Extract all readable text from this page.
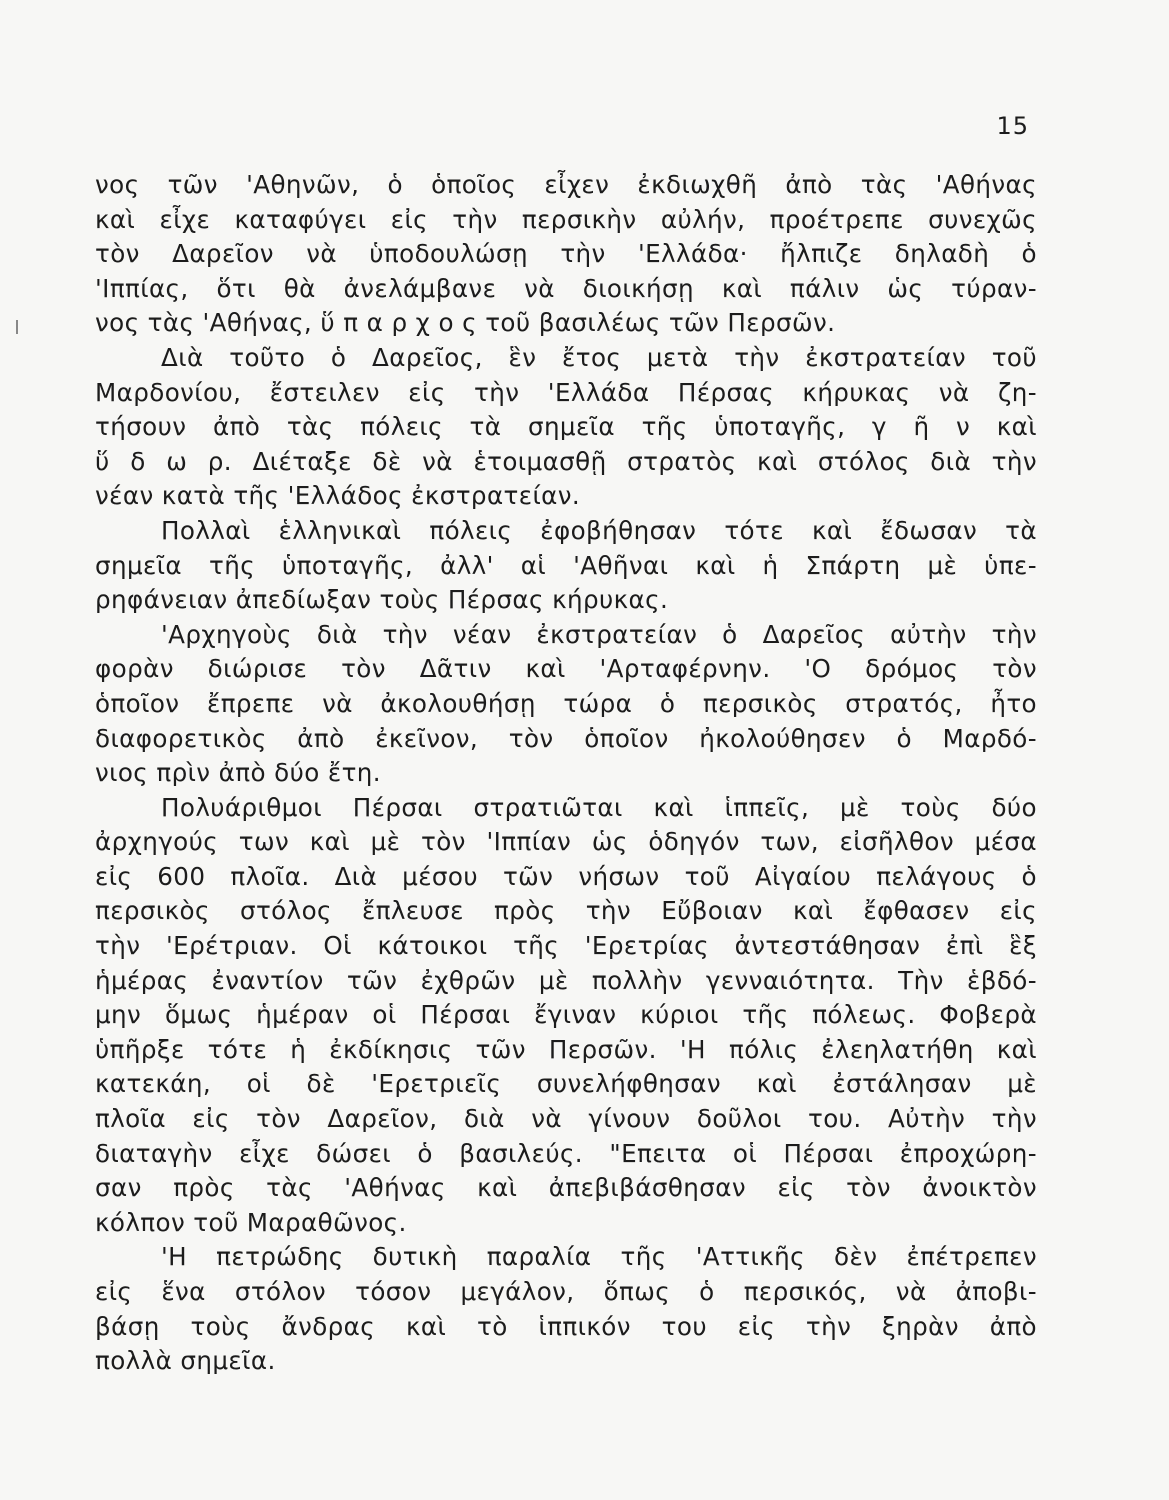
15
νος τῶν 'Αθηνῶν, ὁ ὁποῖος εἶχεν ἐκδιωχθῆ ἀπὸ τὰς 'Αθήνας
καὶ εἶχε καταφύγει εἰς τὴν περσικὴν αὐλήν, προέτρεπε συνεχῶς
τὸν Δαρεῖον νὰ ὑποδουλώσῃ τὴν 'Ελλάδα· ἤλπιζε δηλαδὴ ὁ
'Ιππίας, ὅτι θὰ ἀνελάμβανε νὰ διοικήσῃ καὶ πάλιν ὡς τύραν-
νος τὰς 'Αθήνας, ὕ π α ρ χ ο ς τοῦ βασιλέως τῶν Περσῶν.
Διὰ τοῦτο ὁ Δαρεῖος, ἓν ἔτος μετὰ τὴν ἐκστρατείαν τοῦ
Μαρδονίου, ἔστειλεν εἰς τὴν 'Ελλάδα Πέρσας κήρυκας νὰ ζη-
τήσουν ἀπὸ τὰς πόλεις τὰ σημεῖα τῆς ὑποταγῆς, γ ῆ ν καὶ
ὕ δ ω ρ. Διέταξε δὲ νὰ ἑτοιμασθῇ στρατὸς καὶ στόλος διὰ τὴν
νέαν κατὰ τῆς 'Ελλάδος ἐκστρατείαν.
Πολλαὶ ἑλληνικαὶ πόλεις ἐφοβήθησαν τότε καὶ ἔδωσαν τὰ
σημεῖα τῆς ὑποταγῆς, ἀλλ' αἱ 'Αθῆναι καὶ ἡ Σπάρτη μὲ ὑπε-
ρηφάνειαν ἀπεδίωξαν τοὺς Πέρσας κήρυκας.
'Αρχηγοὺς διὰ τὴν νέαν ἐκστρατείαν ὁ Δαρεῖος αὐτὴν τὴν
φορὰν διώρισε τὸν Δᾶτιν καὶ 'Αρταφέρνην. 'Ο δρόμος τὸν
ὁποῖον ἔπρεπε νὰ ἀκολουθήσῃ τώρα ὁ περσικὸς στρατός, ἦτο
διαφορετικὸς ἀπὸ ἐκεῖνον, τὸν ὁποῖον ἠκολούθησεν ὁ Μαρδό-
νιος πρὶν ἀπὸ δύο ἔτη.
Πολυάριθμοι Πέρσαι στρατιῶται καὶ ἱππεῖς, μὲ τοὺς δύο
ἀρχηγούς των καὶ μὲ τὸν 'Ιππίαν ὡς ὁδηγόν των, εἰσῆλθον μέσα
εἰς 600 πλοῖα. Διὰ μέσου τῶν νήσων τοῦ Αἰγαίου πελάγους ὁ
περσικὸς στόλος ἔπλευσε πρὸς τὴν Εὔβοιαν καὶ ἔφθασεν εἰς
τὴν 'Ερέτριαν. Οἱ κάτοικοι τῆς 'Ερετρίας ἀντεστάθησαν ἐπὶ ἓξ
ἡμέρας ἐναντίον τῶν ἐχθρῶν μὲ πολλὴν γενναιότητα. Τὴν ἑβδό-
μην ὅμως ἡμέραν οἱ Πέρσαι ἔγιναν κύριοι τῆς πόλεως. Φοβερὰ
ὑπῆρξε τότε ἡ ἐκδίκησις τῶν Περσῶν. 'Η πόλις ἐλεηλατήθη καὶ
κατεκάη, οἱ δὲ 'Ερετριεῖς συνελήφθησαν καὶ ἐστάλησαν μὲ
πλοῖα εἰς τὸν Δαρεῖον, διὰ νὰ γίνουν δοῦλοι του. Αὐτὴν τὴν
διαταγὴν εἶχε δώσει ὁ βασιλεύς. "Επειτα οἱ Πέρσαι ἐπροχώρη-
σαν πρὸς τὰς 'Αθήνας καὶ ἀπεβιβάσθησαν εἰς τὸν ἀνοικτὸν
κόλπον τοῦ Μαραθῶνος.
'Η πετρώδης δυτικὴ παραλία τῆς 'Αττικῆς δὲν ἐπέτρεπεν
εἰς ἕνα στόλον τόσον μεγάλον, ὅπως ὁ περσικός, νὰ ἀποβι-
βάσῃ τοὺς ἄνδρας καὶ τὸ ἱππικόν του εἰς τὴν ξηρὰν ἀπὸ
πολλὰ σημεῖα.
